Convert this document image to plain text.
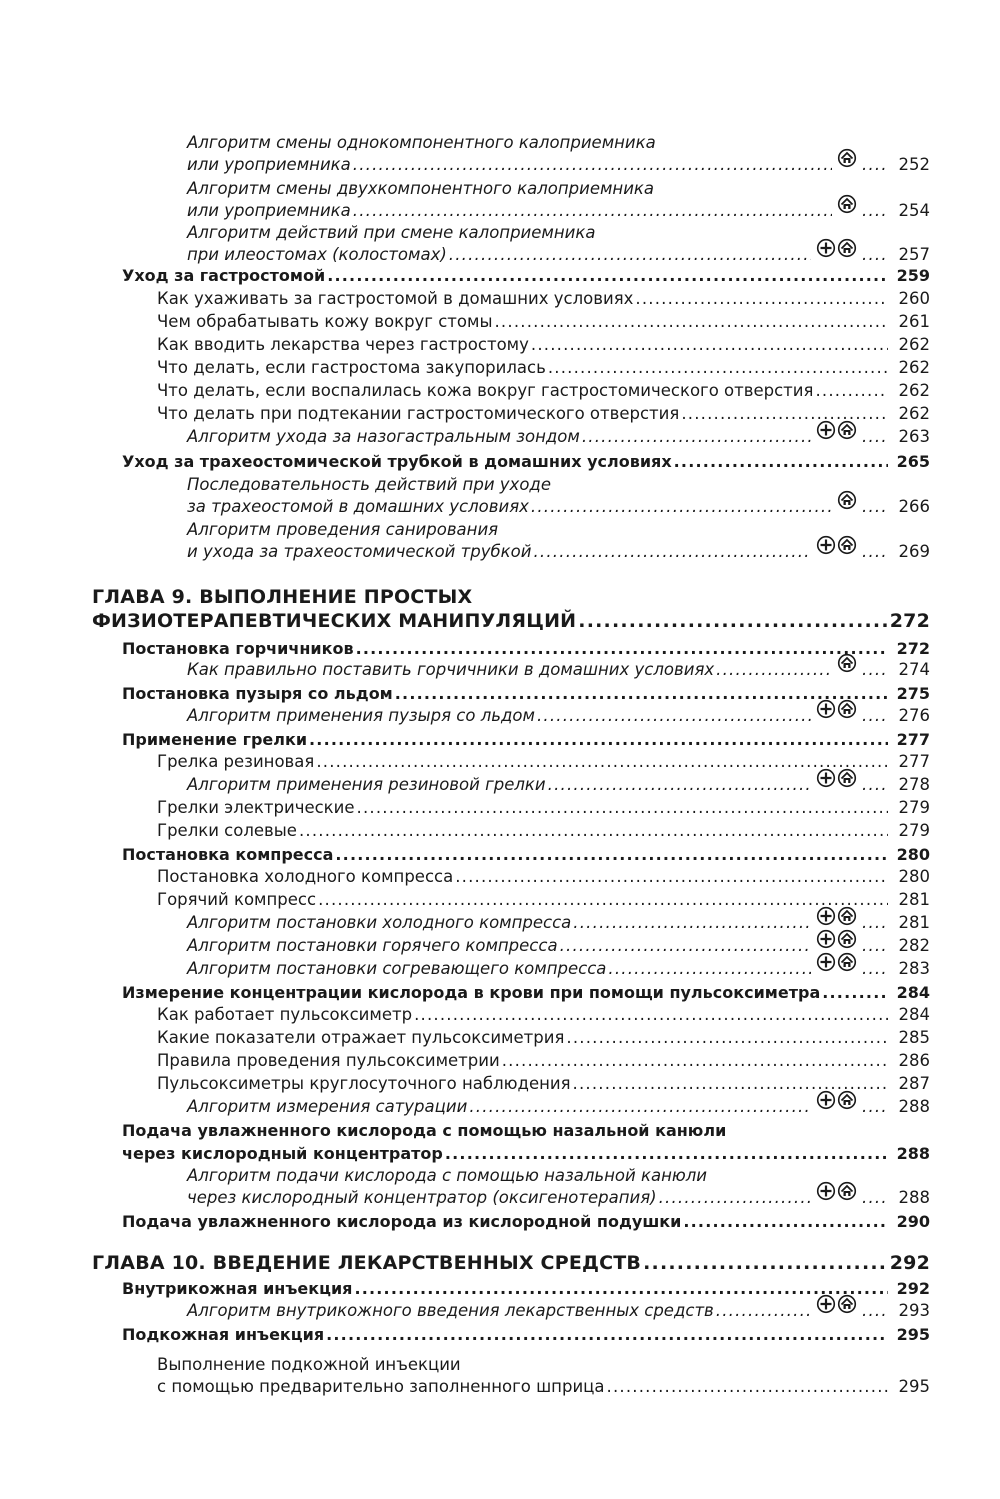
Алгоритм смены однокомпонентного калоприемника
или уроприемника ..... .....	252
Алгоритм смены двухкомпонентного калоприемника
или уроприемника ..... .....	254
Алгоритм действий при смене калоприемника
при илеостомах (колостомах) ..... .....	257
Уход за гастростомой .....	259
Как ухаживать за гастростомой в домашних условиях .....	260
Чем обрабатывать кожу вокруг стомы .....	261
Как вводить лекарства через гастростому .....	262
Что делать, если гастростома закупорилась .....	262
Что делать, если воспалилась кожа вокруг гастростомического отверстия .....	262
Что делать при подтекании гастростомического отверстия .....	262
Алгоритм ухода за назогастральным зондом ..... .....	263
Уход за трахеостомической трубкой в домашних условиях .....	265
Последовательность действий при уходе
за трахеостомой в домашних условиях ..... .....	266
Алгоритм проведения санирования
и ухода за трахеостомической трубкой ..... .....	269
ГЛАВА 9. ВЫПОЛНЕНИЕ ПРОСТЫХ
ФИЗИОТЕРАПЕВТИЧЕСКИХ МАНИПУЛЯЦИЙ .....	272
Постановка горчичников .....	272
Как правильно поставить горчичники в домашних условиях ..... .....	274
Постановка пузыря со льдом .....	275
Алгоритм применения пузыря со льдом ..... .....	276
Применение грелки .....	277
Грелка резиновая .....	277
Алгоритм применения резиновой грелки ..... .....	278
Грелки электрические .....	279
Грелки солевые .....	279
Постановка компресса .....	280
Постановка холодного компресса .....	280
Горячий компресс .....	281
Алгоритм постановки холодного компресса ..... .....	281
Алгоритм постановки горячего компресса ..... .....	282
Алгоритм постановки согревающего компресса ..... .....	283
Измерение концентрации кислорода в крови при помощи пульсоксиметра .....	284
Как работает пульсоксиметр .....	284
Какие показатели отражает пульсоксиметрия .....	285
Правила проведения пульсоксиметрии .....	286
Пульсоксиметры круглосуточного наблюдения .....	287
Алгоритм измерения сатурации ..... .....	288
Подача увлажненного кислорода с помощью назальной канюли
через кислородный концентратор .....	288
Алгоритм подачи кислорода с помощью назальной канюли
через кислородный концентратор (оксигенотерапия) ..... .....	288
Подача увлажненного кислорода из кислородной подушки .....	290
ГЛАВА 10. ВВЕДЕНИЕ ЛЕКАРСТВЕННЫХ СРЕДСТВ .....	292
Внутрикожная инъекция .....	292
Алгоритм внутрикожного введения лекарственных средств ..... .....	293
Подкожная инъекция .....	295
Выполнение подкожной инъекции
с помощью предварительно заполненного шприца .....	295
